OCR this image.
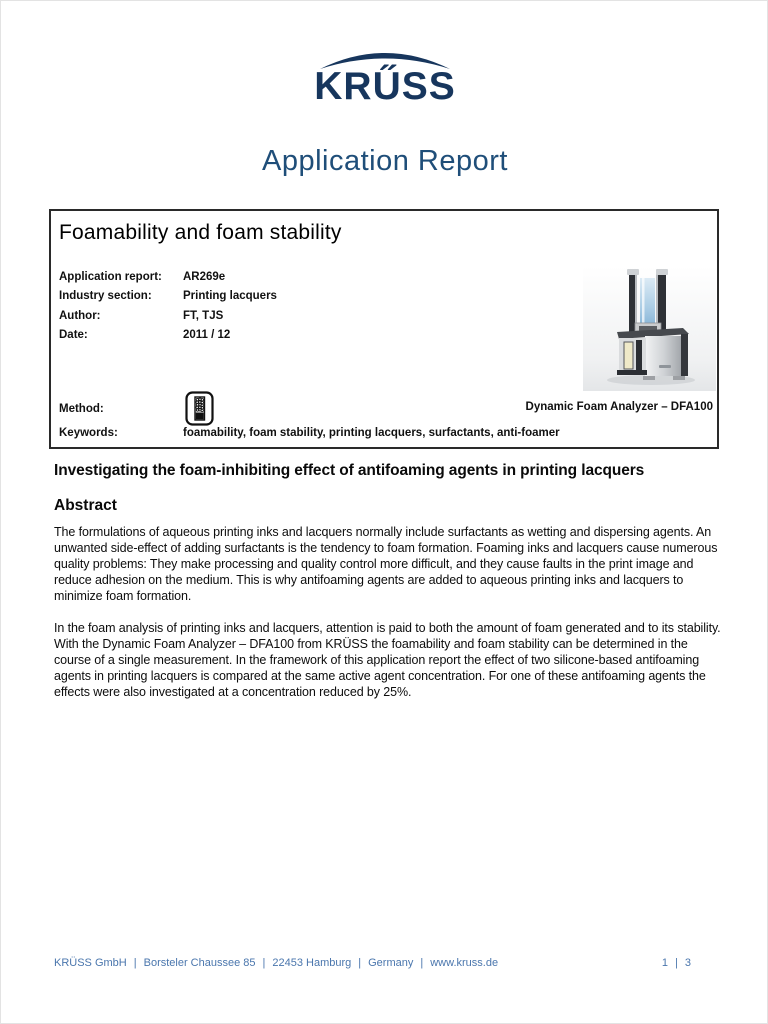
KRŰSS
Application Report
Foamability and foam stability
Application report:	AR269e
Industry section:	Printing lacquers
Author:	FT, TJS
Date:	2011 / 12
Method:	Dynamic Foam Analyzer – DFA100
Keywords:	foamability, foam stability, printing lacquers, surfactants, anti-foamer
Investigating the foam-inhibiting effect of antifoaming agents in printing lacquers
Abstract

The formulations of aqueous printing inks and lacquers normally include surfactants as wetting and dispersing agents. An unwanted side-effect of adding surfactants is the tendency to foam formation. Foaming inks and lacquers cause numerous quality problems: They make processing and quality control more difficult, and they cause faults in the print image and reduce adhesion on the medium. This is why antifoaming agents are added to aqueous printing inks and lacquers to minimize foam formation.

In the foam analysis of printing inks and lacquers, attention is paid to both the amount of foam generated and to its stability. With the Dynamic Foam Analyzer – DFA100 from KRÜSS the foamability and foam stability can be determined in the course of a single measurement. In the framework of this application report the effect of two silicone-based antifoaming agents in printing lacquers is compared at the same active agent concentration. For one of these antifoaming agents the effects were also investigated at a concentration reduced by 25%.

KRÜSS GmbH | Borsteler Chaussee 85 | 22453 Hamburg | Germany | www.kruss.de	1 | 3
